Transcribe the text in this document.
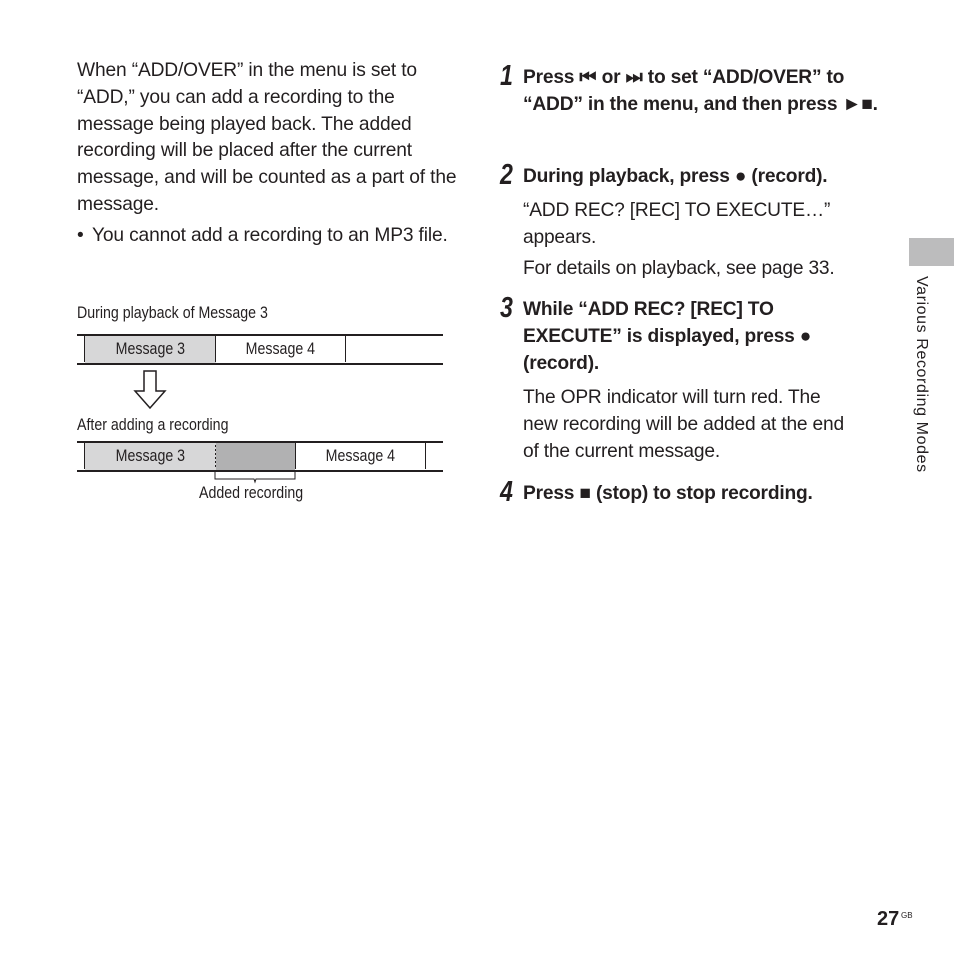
When “ADD/OVER” in the menu is set to “ADD,” you can add a recording to the message being played back. The added recording will be placed after the current message, and will be counted as a part of the message.
• You cannot add a recording to an MP3 file.
During playback of Message 3
Message 3	Message 4
After adding a recording
Message 3	Message 4
Added recording
1 Press ⏮ or ⏭ to set “ADD/OVER” to “ADD” in the menu, and then press ►■.
2 During playback, press ● (record).
“ADD REC? [REC] TO EXECUTE…” appears.
For details on playback, see page 33.
3 While “ADD REC? [REC] TO EXECUTE” is displayed, press ● (record).
The OPR indicator will turn red. The new recording will be added at the end of the current message.
4 Press ■ (stop) to stop recording.
Various Recording Modes
27 GB
